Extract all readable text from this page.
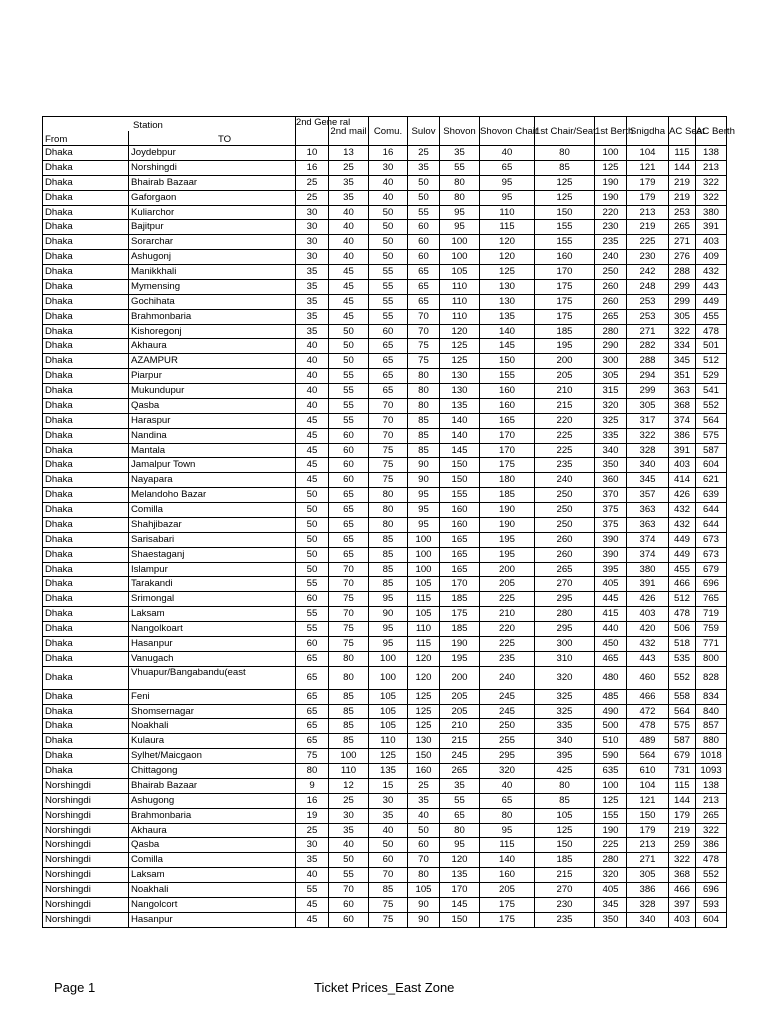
Station		2nd Gene ral	2nd mail	Comu.	Sulov	Shovon	Shovon Chair	1st Chair/Seat	1st Berth	Snigdha	AC Seat	AC Berth
From	TO											
Dhaka	Joydebpur	10	13	16	25	35	40	80	100	104	115	138
Dhaka	Norshingdi	16	25	30	35	55	65	85	125	121	144	213
Dhaka	Bhairab Bazaar	25	35	40	50	80	95	125	190	179	219	322
Dhaka	Gaforgaon	25	35	40	50	80	95	125	190	179	219	322
Dhaka	Kuliarchor	30	40	50	55	95	110	150	220	213	253	380
Dhaka	Bajitpur	30	40	50	60	95	115	155	230	219	265	391
Dhaka	Sorarchar	30	40	50	60	100	120	155	235	225	271	403
Dhaka	Ashugonj	30	40	50	60	100	120	160	240	230	276	409
Dhaka	Manikkhali	35	45	55	65	105	125	170	250	242	288	432
Dhaka	Mymensing	35	45	55	65	110	130	175	260	248	299	443
Dhaka	Gochihata	35	45	55	65	110	130	175	260	253	299	449
Dhaka	Brahmonbaria	35	45	55	70	110	135	175	265	253	305	455
Dhaka	Kishoregonj	35	50	60	70	120	140	185	280	271	322	478
Dhaka	Akhaura	40	50	65	75	125	145	195	290	282	334	501
Dhaka	AZAMPUR	40	50	65	75	125	150	200	300	288	345	512
Dhaka	Piarpur	40	55	65	80	130	155	205	305	294	351	529
Dhaka	Mukundupur	40	55	65	80	130	160	210	315	299	363	541
Dhaka	Qasba	40	55	70	80	135	160	215	320	305	368	552
Dhaka	Haraspur	45	55	70	85	140	165	220	325	317	374	564
Dhaka	Nandina	45	60	70	85	140	170	225	335	322	386	575
Dhaka	Mantala	45	60	75	85	145	170	225	340	328	391	587
Dhaka	Jamalpur Town	45	60	75	90	150	175	235	350	340	403	604
Dhaka	Nayapara	45	60	75	90	150	180	240	360	345	414	621
Dhaka	Melandoho Bazar	50	65	80	95	155	185	250	370	357	426	639
Dhaka	Comilla	50	65	80	95	160	190	250	375	363	432	644
Dhaka	Shahjibazar	50	65	80	95	160	190	250	375	363	432	644
Dhaka	Sarisabari	50	65	85	100	165	195	260	390	374	449	673
Dhaka	Shaestaganj	50	65	85	100	165	195	260	390	374	449	673
Dhaka	Islampur	50	70	85	100	165	200	265	395	380	455	679
Dhaka	Tarakandi	55	70	85	105	170	205	270	405	391	466	696
Dhaka	Srimongal	60	75	95	115	185	225	295	445	426	512	765
Dhaka	Laksam	55	70	90	105	175	210	280	415	403	478	719
Dhaka	Nangolkoart	55	75	95	110	185	220	295	440	420	506	759
Dhaka	Hasanpur	60	75	95	115	190	225	300	450	432	518	771
Dhaka	Vanugach	65	80	100	120	195	235	310	465	443	535	800
Dhaka	Vhuapur/Bangabandu(east	65	80	100	120	200	240	320	480	460	552	828
Dhaka	Feni	65	85	105	125	205	245	325	485	466	558	834
Dhaka	Shomsernagar	65	85	105	125	205	245	325	490	472	564	840
Dhaka	Noakhali	65	85	105	125	210	250	335	500	478	575	857
Dhaka	Kulaura	65	85	110	130	215	255	340	510	489	587	880
Dhaka	Sylhet/Maicgaon	75	100	125	150	245	295	395	590	564	679	1018
Dhaka	Chittagong	80	110	135	160	265	320	425	635	610	731	1093
Norshingdi	Bhairab Bazaar	9	12	15	25	35	40	80	100	104	115	138
Norshingdi	Ashugong	16	25	30	35	55	65	85	125	121	144	213
Norshingdi	Brahmonbaria	19	30	35	40	65	80	105	155	150	179	265
Norshingdi	Akhaura	25	35	40	50	80	95	125	190	179	219	322
Norshingdi	Qasba	30	40	50	60	95	115	150	225	213	259	386
Norshingdi	Comilla	35	50	60	70	120	140	185	280	271	322	478
Norshingdi	Laksam	40	55	70	80	135	160	215	320	305	368	552
Norshingdi	Noakhali	55	70	85	105	170	205	270	405	386	466	696
Norshingdi	Nangolcort	45	60	75	90	145	175	230	345	328	397	593
Norshingdi	Hasanpur	45	60	75	90	150	175	235	350	340	403	604
Page 1	Ticket Prices_East Zone
